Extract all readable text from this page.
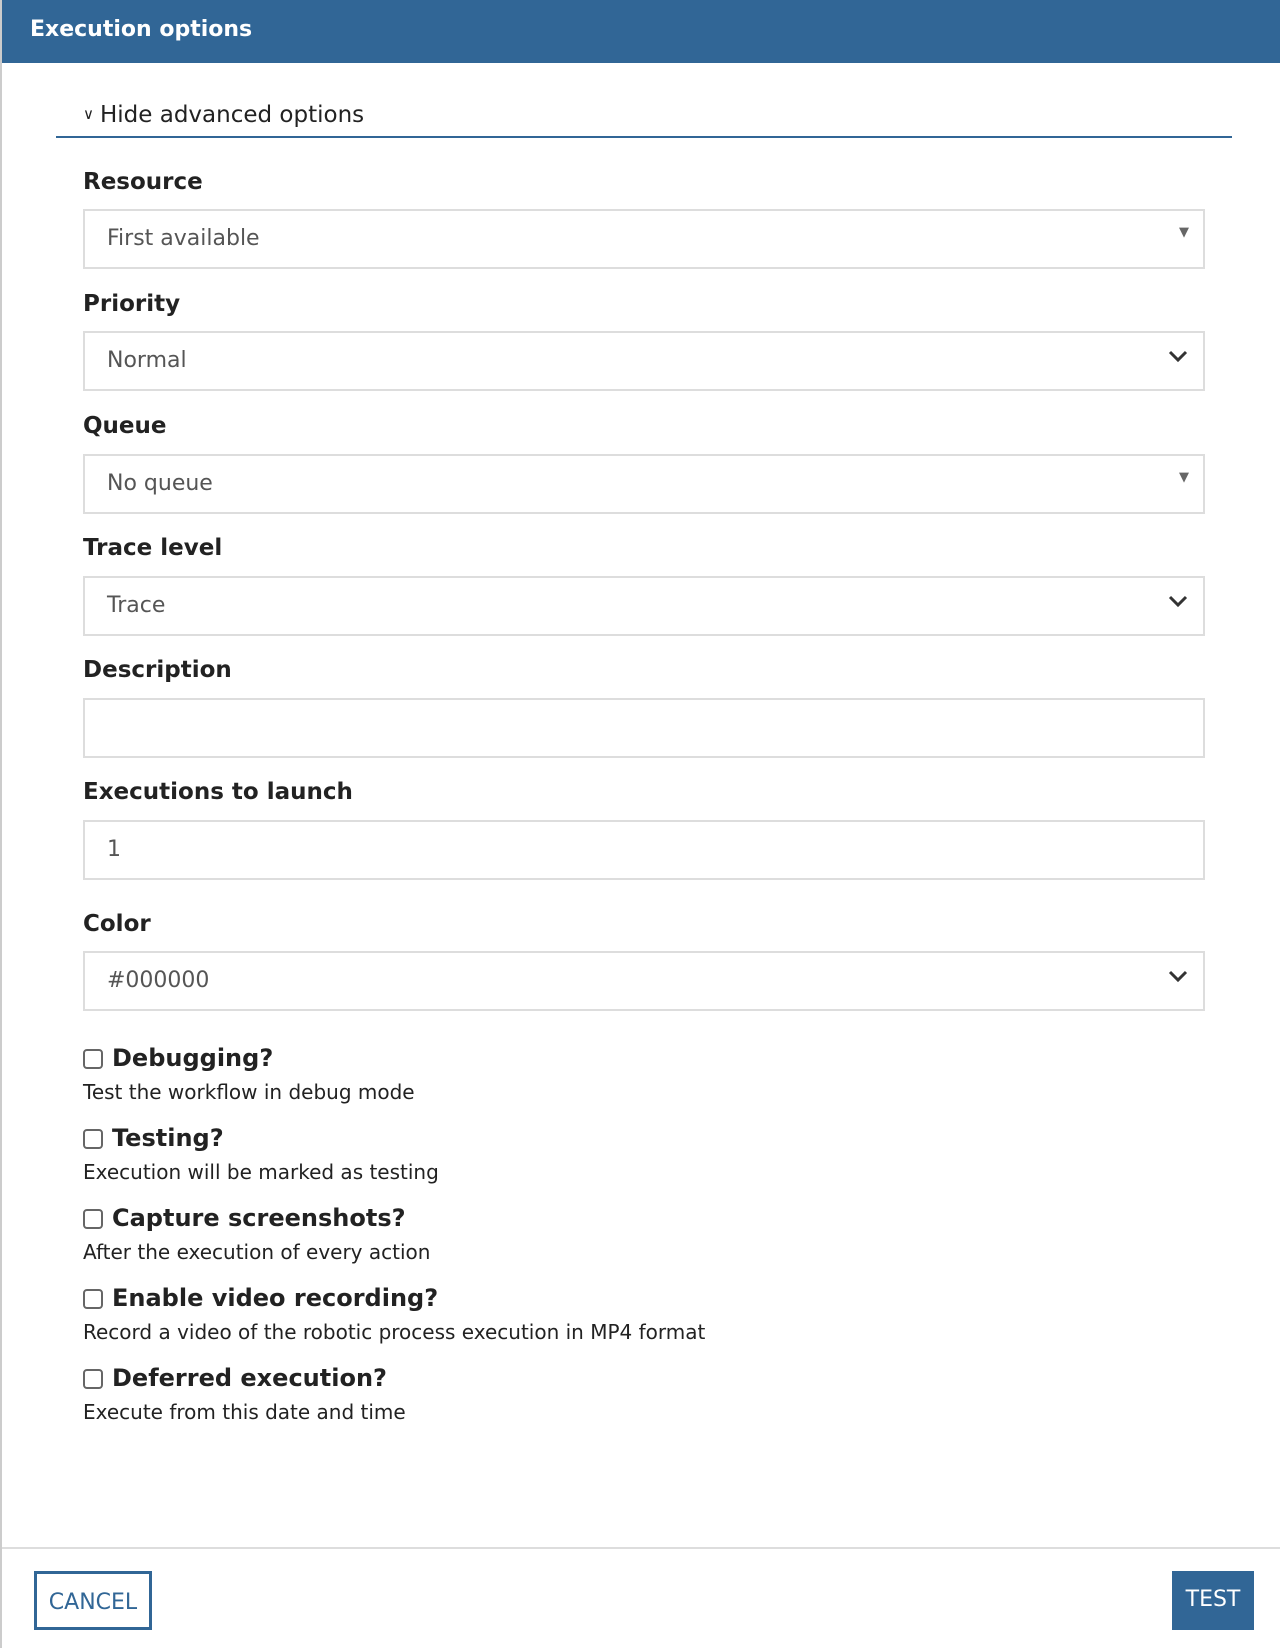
Execution options
∨ Hide advanced options
Resource
First available	▼
Priority
Normal
Queue
No queue	▼
Trace level
Trace
Description
Executions to launch
1
Color
#000000
Debugging?
Test the workflow in debug mode
Testing?
Execution will be marked as testing
Capture screenshots?
After the execution of every action
Enable video recording?
Record a video of the robotic process execution in MP4 format
Deferred execution?
Execute from this date and time
CANCEL	TEST
